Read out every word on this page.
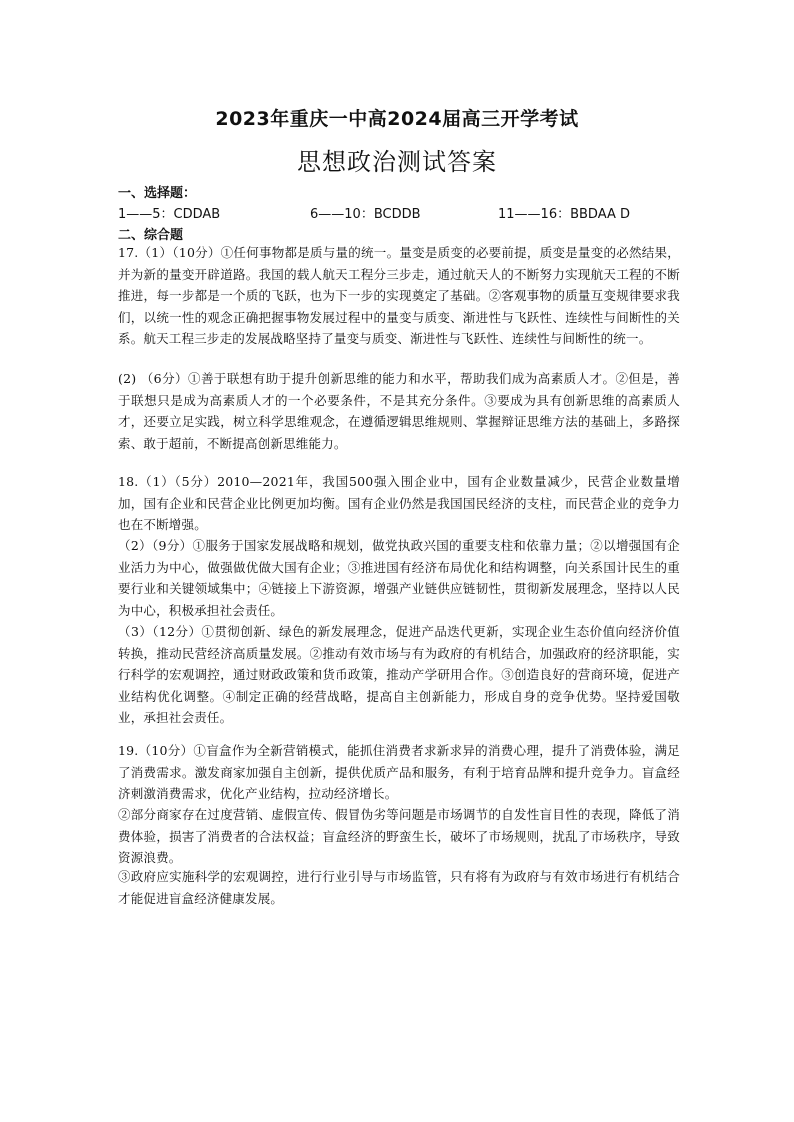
2023年重庆一中高2024届高三开学考试
思想政治测试答案
一、选择题：
1——5：CDDAB	6——10：BCDDB	11——16：BBDAA D
二、综合题
17.（1）（10分）①任何事物都是质与量的统一。量变是质变的必要前提，质变是量变的必然结果，并为新的量变开辟道路。我国的载人航天工程分三步走，通过航天人的不断努力实现航天工程的不断推进，每一步都是一个质的飞跃，也为下一步的实现奠定了基础。②客观事物的质量互变规律要求我们，以统一性的观念正确把握事物发展过程中的量变与质变、渐进性与飞跃性、连续性与间断性的关系。航天工程三步走的发展战略坚持了量变与质变、渐进性与飞跃性、连续性与间断性的统一。
(2) （6分）①善于联想有助于提升创新思维的能力和水平，帮助我们成为高素质人才。②但是，善于联想只是成为高素质人才的一个必要条件，不是其充分条件。③要成为具有创新思维的高素质人才，还要立足实践，树立科学思维观念，在遵循逻辑思维规则、掌握辩证思维方法的基础上，多路探索、敢于超前，不断提高创新思维能力。
18.（1）（5分）2010—2021年，我国500强入围企业中，国有企业数量减少，民营企业数量增加，国有企业和民营企业比例更加均衡。国有企业仍然是我国国民经济的支柱，而民营企业的竞争力也在不断增强。
（2）（9分）①服务于国家发展战略和规划，做党执政兴国的重要支柱和依靠力量；②以增强国有企业活力为中心，做强做优做大国有企业；③推进国有经济布局优化和结构调整，向关系国计民生的重要行业和关键领域集中；④链接上下游资源，增强产业链供应链韧性，贯彻新发展理念，坚持以人民为中心，积极承担社会责任。
（3）（12分）①贯彻创新、绿色的新发展理念，促进产品迭代更新，实现企业生态价值向经济价值转换，推动民营经济高质量发展。②推动有效市场与有为政府的有机结合，加强政府的经济职能，实行科学的宏观调控，通过财政政策和货币政策，推动产学研用合作。③创造良好的营商环境，促进产业结构优化调整。④制定正确的经营战略，提高自主创新能力，形成自身的竞争优势。坚持爱国敬业，承担社会责任。
19.（10分）①盲盒作为全新营销模式，能抓住消费者求新求异的消费心理，提升了消费体验，满足了消费需求。激发商家加强自主创新，提供优质产品和服务，有利于培育品牌和提升竞争力。盲盒经济刺激消费需求，优化产业结构，拉动经济增长。
②部分商家存在过度营销、虚假宣传、假冒伪劣等问题是市场调节的自发性盲目性的表现，降低了消费体验，损害了消费者的合法权益；盲盒经济的野蛮生长，破坏了市场规则，扰乱了市场秩序，导致资源浪费。
③政府应实施科学的宏观调控，进行行业引导与市场监管，只有将有为政府与有效市场进行有机结合才能促进盲盒经济健康发展。
